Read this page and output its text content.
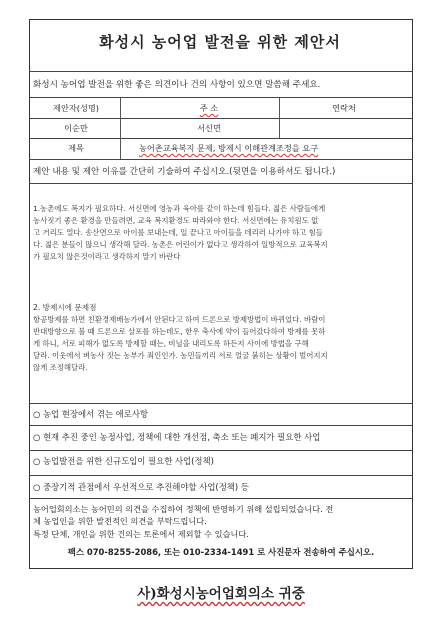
화성시 농어업 발전을 위한 제안서
화성시 농어업 발전을 위한 좋은 의견이나 건의 사항이 있으면 말씀해 주세요.
제안자(성명)	주 소	연락처
이순만	서신면
제목	농어촌교육복지 문제, 방제시 이해관계조정을 요구
제안 내용 및 제안 이유를 간단히 기술하여 주십시오.(뒷면을 이용하셔도 됩니다.)

1.농촌에도 복지가 필요하다. 서신면에 영농과 육아를 같이 하는데 힘들다. 젊은 사람들에게

농사짓기 좋은 환경을 만들려면, 교육 복지환경도 따라와야 한다. 서신면에는 유치원도 없

고 거리도 멀다. 송산면으로 아이를 보내는데, 일 끝나고 아이들을 데리러 나가야 하고 힘들

다. 젊은 분들이 많으니 생각해 달라. 농촌은 어린이가 없다고 생각하여 일방적으로 교육복지

가 필요치 않은것이라고 생각하지 말기 바란다

2. 방제시에 문제점

항공방제를 하면 친환경재배농가에서 안된다고 하여 드론으로 방제방법이 바뀌었다. 바람이

반대방향으로 불 때 드론으로 살포를 하는데도, 한우 축사에 약이 들어갔다하여 방제를 못하

게 하니, 서로 피해가 없도록 방제할 때는, 비닐을 내리도록 하든지 사이에 방법을 구해

달라. 이웃에서 벼농사 짓는 농부가 죄인인가. 농민들끼리 서로 얼굴 붉히는 상황이 벌어지지

않게 조정해달라.

○ 농업 현장에서 겪는 애로사항
○ 현재 추진 중인 농정사업, 정책에 대한 개선점, 축소 또는 폐지가 필요한 사업
○ 농업발전을 위한 신규도입이 필요한 사업(정책)
○ 중장기적 관점에서 우선적으로 추진해야할 사업(정책) 등
농어업회의소는 농어민의 의견을 수집하여 정책에 반영하기 위해 설립되었습니다. 전
체 농업인을 위한 발전적인 의견을 부탁드립니다.
특정 단체, 개인을 위한 건의는 토론에서 제외할 수 있습니다.
팩스 070-8255-2086, 또는 010-2334-1491 로 사진문자 전송하여 주십시오.
사)화성시농어업회의소 귀중
